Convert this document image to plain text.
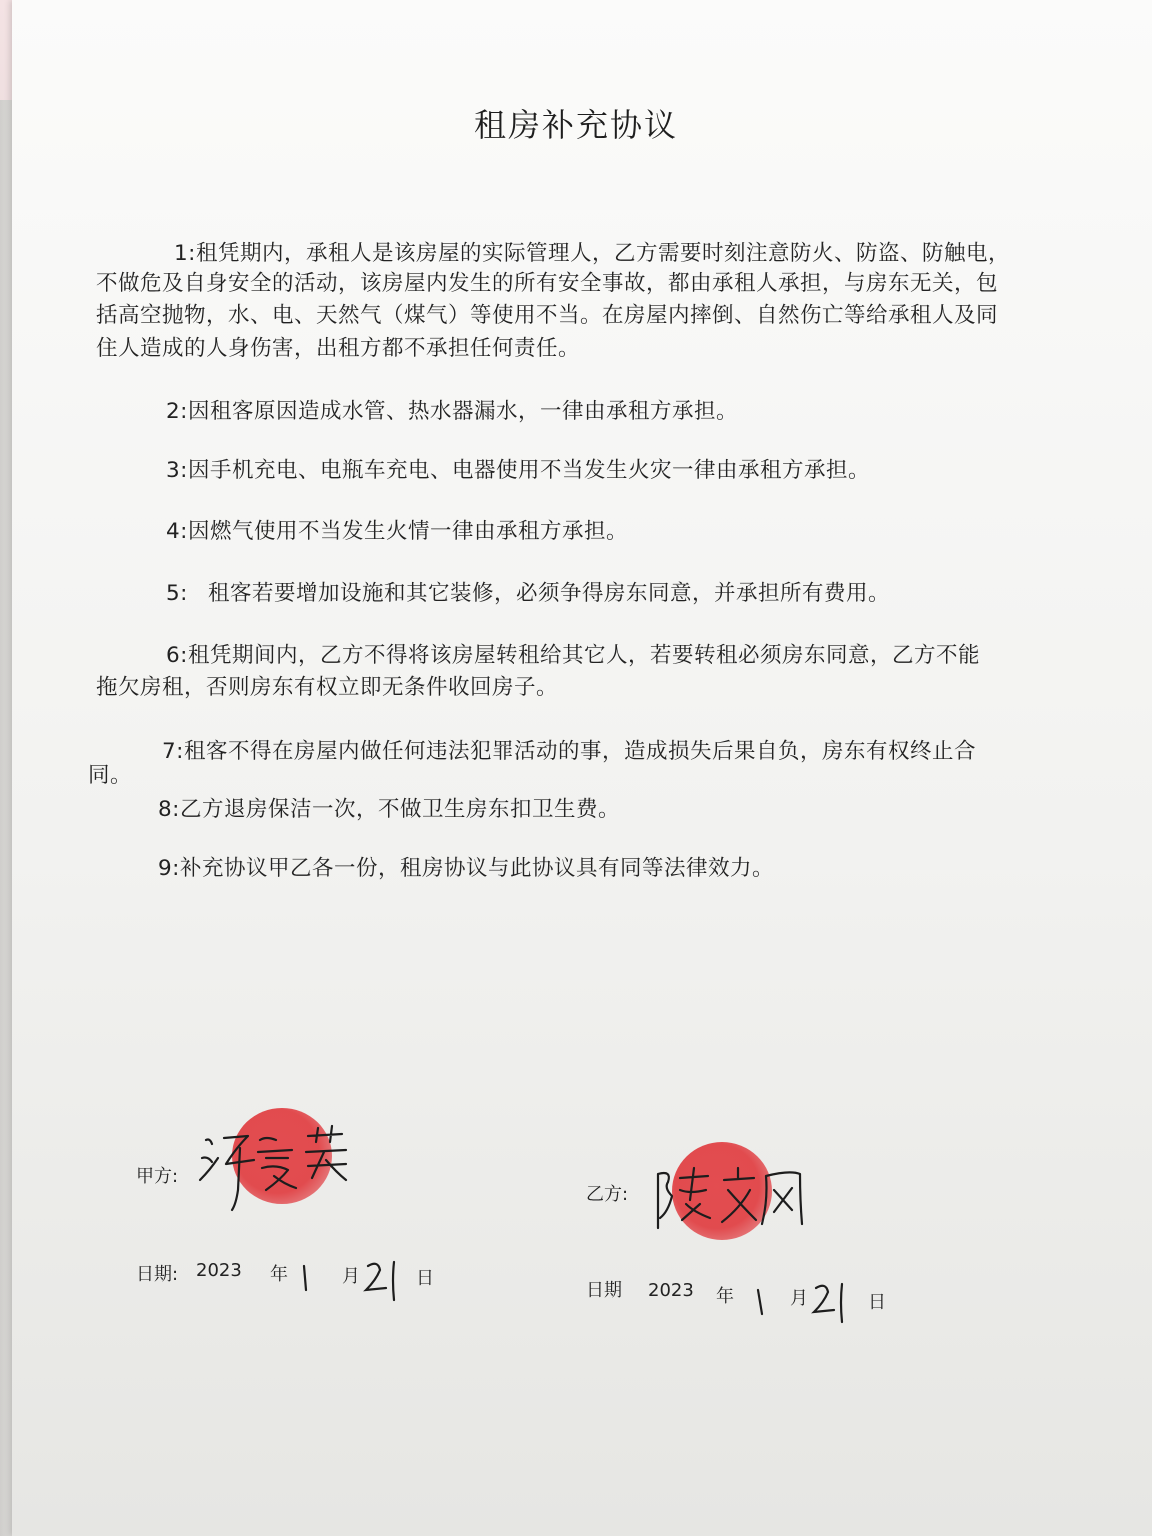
租房补充协议
1:租凭期内，承租人是该房屋的实际管理人，乙方需要时刻注意防火、防盗、防触电，
不做危及自身安全的活动，该房屋内发生的所有安全事故，都由承租人承担，与房东无关，包
括高空抛物，水、电、天然气（煤气）等使用不当。在房屋内摔倒、自然伤亡等给承租人及同
住人造成的人身伤害，出租方都不承担任何责任。
2:因租客原因造成水管、热水器漏水，一律由承租方承担。
3:因手机充电、电瓶车充电、电器使用不当发生火灾一律由承租方承担。
4:因燃气使用不当发生火情一律由承租方承担。
5: 租客若要增加设施和其它装修，必须争得房东同意，并承担所有费用。
6:租凭期间内，乙方不得将该房屋转租给其它人，若要转租必须房东同意，乙方不能
拖欠房租，否则房东有权立即无条件收回房子。
7:租客不得在房屋内做任何违法犯罪活动的事，造成损失后果自负，房东有权终止合
同。
8:乙方退房保洁一次，不做卫生房东扣卫生费。
9:补充协议甲乙各一份，租房协议与此协议具有同等法律效力。
甲方:
日期: 2023 年	月	日
乙方:
日期 2023 年	月	日
